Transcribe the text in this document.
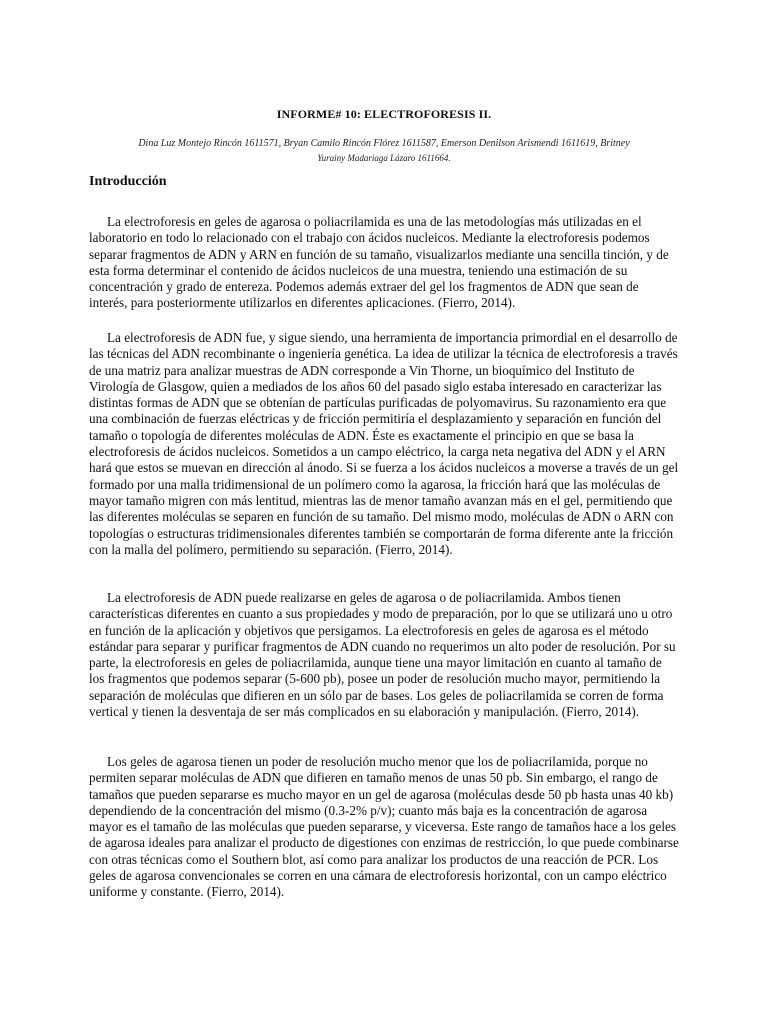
INFORME# 10: ELECTROFORESIS II.
Dina Luz Montejo Rincón 1611571, Bryan Camilo Rincón Flórez 1611587, Emerson Denilson Arismendi 1611619, Britney
Yurainy Madariaga Lázaro 1611664.
Introducción

La electroforesis en geles de agarosa o poliacrilamida es una de las metodologías más utilizadas en el laboratorio en todo lo relacionado con el trabajo con ácidos nucleicos. Mediante la electroforesis podemos separar fragmentos de ADN y ARN en función de su tamaño, visualizarlos mediante una sencilla tinción, y de esta forma determinar el contenido de ácidos nucleicos de una muestra, teniendo una estimación de su concentración y grado de entereza. Podemos además extraer del gel los fragmentos de ADN que sean de interés, para posteriormente utilizarlos en diferentes aplicaciones. (Fierro, 2014).

La electroforesis de ADN fue, y sigue siendo, una herramienta de importancia primordial en el desarrollo de las técnicas del ADN recombinante o ingeniería genética. La idea de utilizar la técnica de electroforesis a través de una matriz para analizar muestras de ADN corresponde a Vin Thorne, un bioquímico del Instituto de Virología de Glasgow, quien a mediados de los años 60 del pasado siglo estaba interesado en caracterizar las distintas formas de ADN que se obtenían de partículas purificadas de polyomavirus. Su razonamiento era que una combinación de fuerzas eléctricas y de fricción permitiría el desplazamiento y separación en función del tamaño o topología de diferentes moléculas de ADN. Éste es exactamente el principio en que se basa la electroforesis de ácidos nucleicos. Sometidos a un campo eléctrico, la carga neta negativa del ADN y el ARN hará que estos se muevan en dirección al ánodo. Si se fuerza a los ácidos nucleicos a moverse a través de un gel formado por una malla tridimensional de un polímero como la agarosa, la fricción hará que las moléculas de mayor tamaño migren con más lentitud, mientras las de menor tamaño avanzan más en el gel, permitiendo que las diferentes moléculas se separen en función de su tamaño. Del mismo modo, moléculas de ADN o ARN con topologías o estructuras tridimensionales diferentes también se comportarán de forma diferente ante la fricción con la malla del polímero, permitiendo su separación. (Fierro, 2014).

La electroforesis de ADN puede realizarse en geles de agarosa o de poliacrilamida. Ambos tienen características diferentes en cuanto a sus propiedades y modo de preparación, por lo que se utilizará uno u otro en función de la aplicación y objetivos que persigamos. La electroforesis en geles de agarosa es el método estándar para separar y purificar fragmentos de ADN cuando no requerimos un alto poder de resolución. Por su parte, la electroforesis en geles de poliacrilamida, aunque tiene una mayor limitación en cuanto al tamaño de los fragmentos que podemos separar (5-600 pb), posee un poder de resolución mucho mayor, permitiendo la separación de moléculas que difieren en un sólo par de bases. Los geles de poliacrilamida se corren de forma vertical y tienen la desventaja de ser más complicados en su elaboración y manipulación. (Fierro, 2014).

Los geles de agarosa tienen un poder de resolución mucho menor que los de poliacrilamida, porque no permiten separar moléculas de ADN que difieren en tamaño menos de unas 50 pb. Sin embargo, el rango de tamaños que pueden separarse es mucho mayor en un gel de agarosa (moléculas desde 50 pb hasta unas 40 kb) dependiendo de la concentración del mismo (0.3-2% p/v); cuanto más baja es la concentración de agarosa mayor es el tamaño de las moléculas que pueden separarse, y viceversa. Este rango de tamaños hace a los geles de agarosa ideales para analizar el producto de digestiones con enzimas de restricción, lo que puede combinarse con otras técnicas como el Southern blot, así como para analizar los productos de una reacción de PCR. Los geles de agarosa convencionales se corren en una cámara de electroforesis horizontal, con un campo eléctrico uniforme y constante. (Fierro, 2014).
